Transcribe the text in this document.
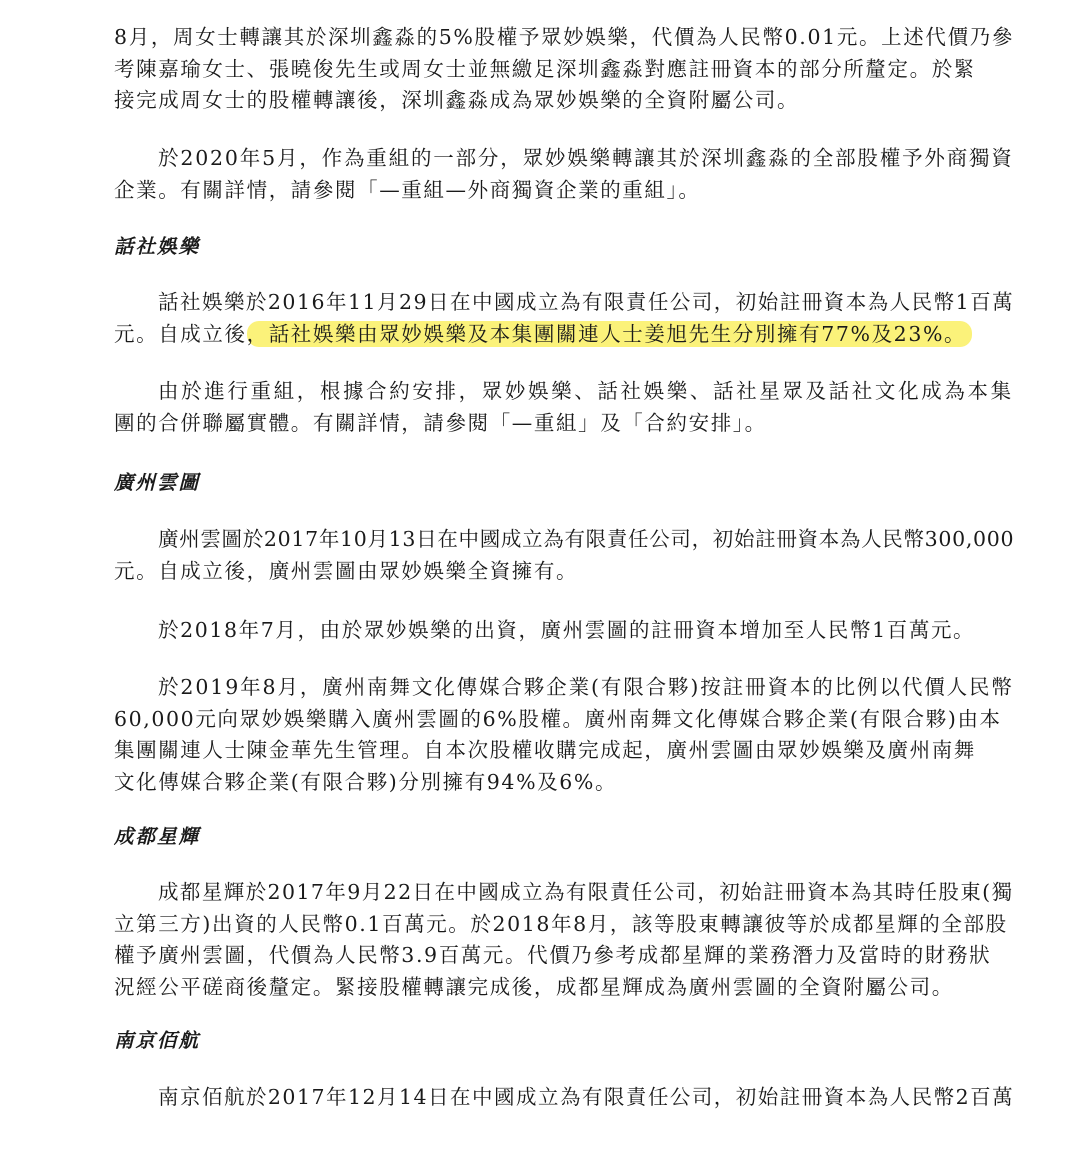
8月，周女士轉讓其於深圳鑫淼的5%股權予眾妙娛樂，代價為人民幣0.01元。上述代價乃參
考陳嘉瑜女士、張曉俊先生或周女士並無繳足深圳鑫淼對應註冊資本的部分所釐定。於緊
接完成周女士的股權轉讓後，深圳鑫淼成為眾妙娛樂的全資附屬公司。

於2020年5月，作為重組的一部分，眾妙娛樂轉讓其於深圳鑫淼的全部股權予外商獨資
企業。有關詳情，請參閱「—重組—外商獨資企業的重組」。

話社娛樂

話社娛樂於2016年11月29日在中國成立為有限責任公司，初始註冊資本為人民幣1百萬
元。自成立後，話社娛樂由眾妙娛樂及本集團關連人士姜旭先生分別擁有77%及23%。

由於進行重組，根據合約安排，眾妙娛樂、話社娛樂、話社星眾及話社文化成為本集
團的合併聯屬實體。有關詳情，請參閱「—重組」及「合約安排」。

廣州雲圖

廣州雲圖於2017年10月13日在中國成立為有限責任公司，初始註冊資本為人民幣300,000
元。自成立後，廣州雲圖由眾妙娛樂全資擁有。

於2018年7月，由於眾妙娛樂的出資，廣州雲圖的註冊資本增加至人民幣1百萬元。

於2019年8月，廣州南舞文化傳媒合夥企業(有限合夥)按註冊資本的比例以代價人民幣
60,000元向眾妙娛樂購入廣州雲圖的6%股權。廣州南舞文化傳媒合夥企業(有限合夥)由本
集團關連人士陳金華先生管理。自本次股權收購完成起，廣州雲圖由眾妙娛樂及廣州南舞
文化傳媒合夥企業(有限合夥)分別擁有94%及6%。

成都星輝

成都星輝於2017年9月22日在中國成立為有限責任公司，初始註冊資本為其時任股東(獨
立第三方)出資的人民幣0.1百萬元。於2018年8月，該等股東轉讓彼等於成都星輝的全部股
權予廣州雲圖，代價為人民幣3.9百萬元。代價乃參考成都星輝的業務潛力及當時的財務狀
況經公平磋商後釐定。緊接股權轉讓完成後，成都星輝成為廣州雲圖的全資附屬公司。

南京佰航

南京佰航於2017年12月14日在中國成立為有限責任公司，初始註冊資本為人民幣2百萬
